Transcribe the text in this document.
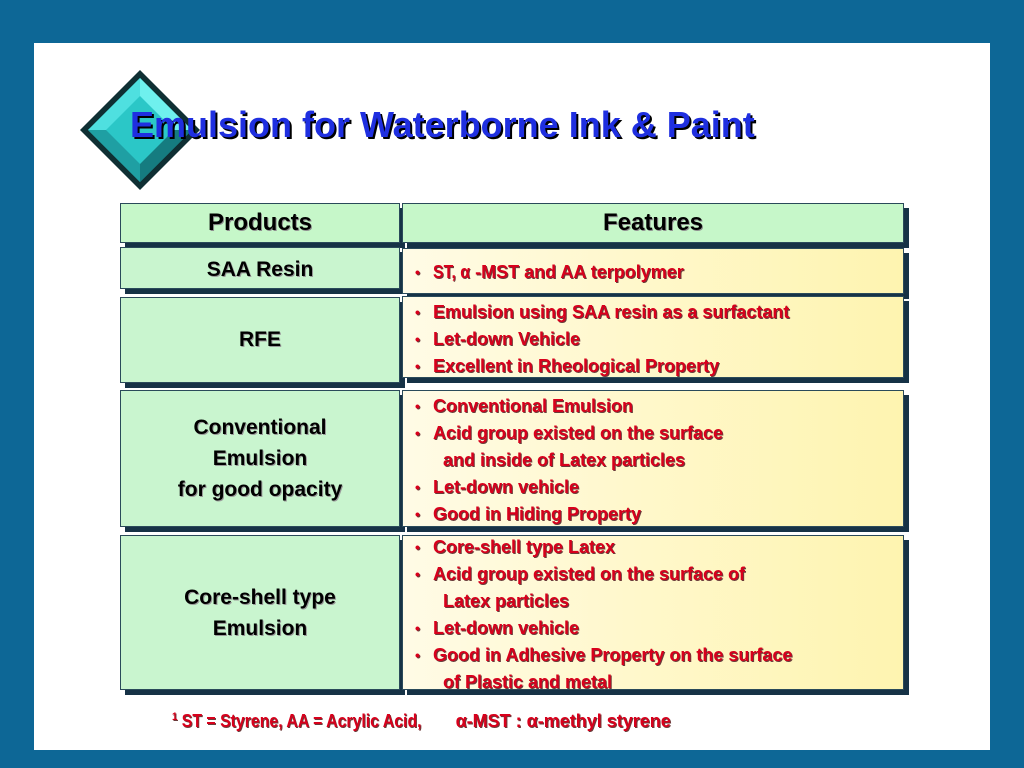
Emulsion for Waterborne Ink & Paint
Products	Features
SAA Resin	• ST, α -MST and AA terpolymer
RFE
• Emulsion using SAA resin as a surfactant
• Let-down Vehicle
• Excellent in Rheological Property
Conventional
Emulsion
for good opacity
• Conventional Emulsion
• Acid group existed on the surface
and inside of Latex particles
• Let-down vehicle
• Good in Hiding Property
Core-shell type
Emulsion
• Core-shell type Latex
• Acid group existed on the surface of
Latex particles
• Let-down vehicle
• Good in Adhesive Property on the surface
of Plastic and metal
$^1$ ST = Styrene, AA = Acrylic Acid,α-MST : α-methyl styrene
